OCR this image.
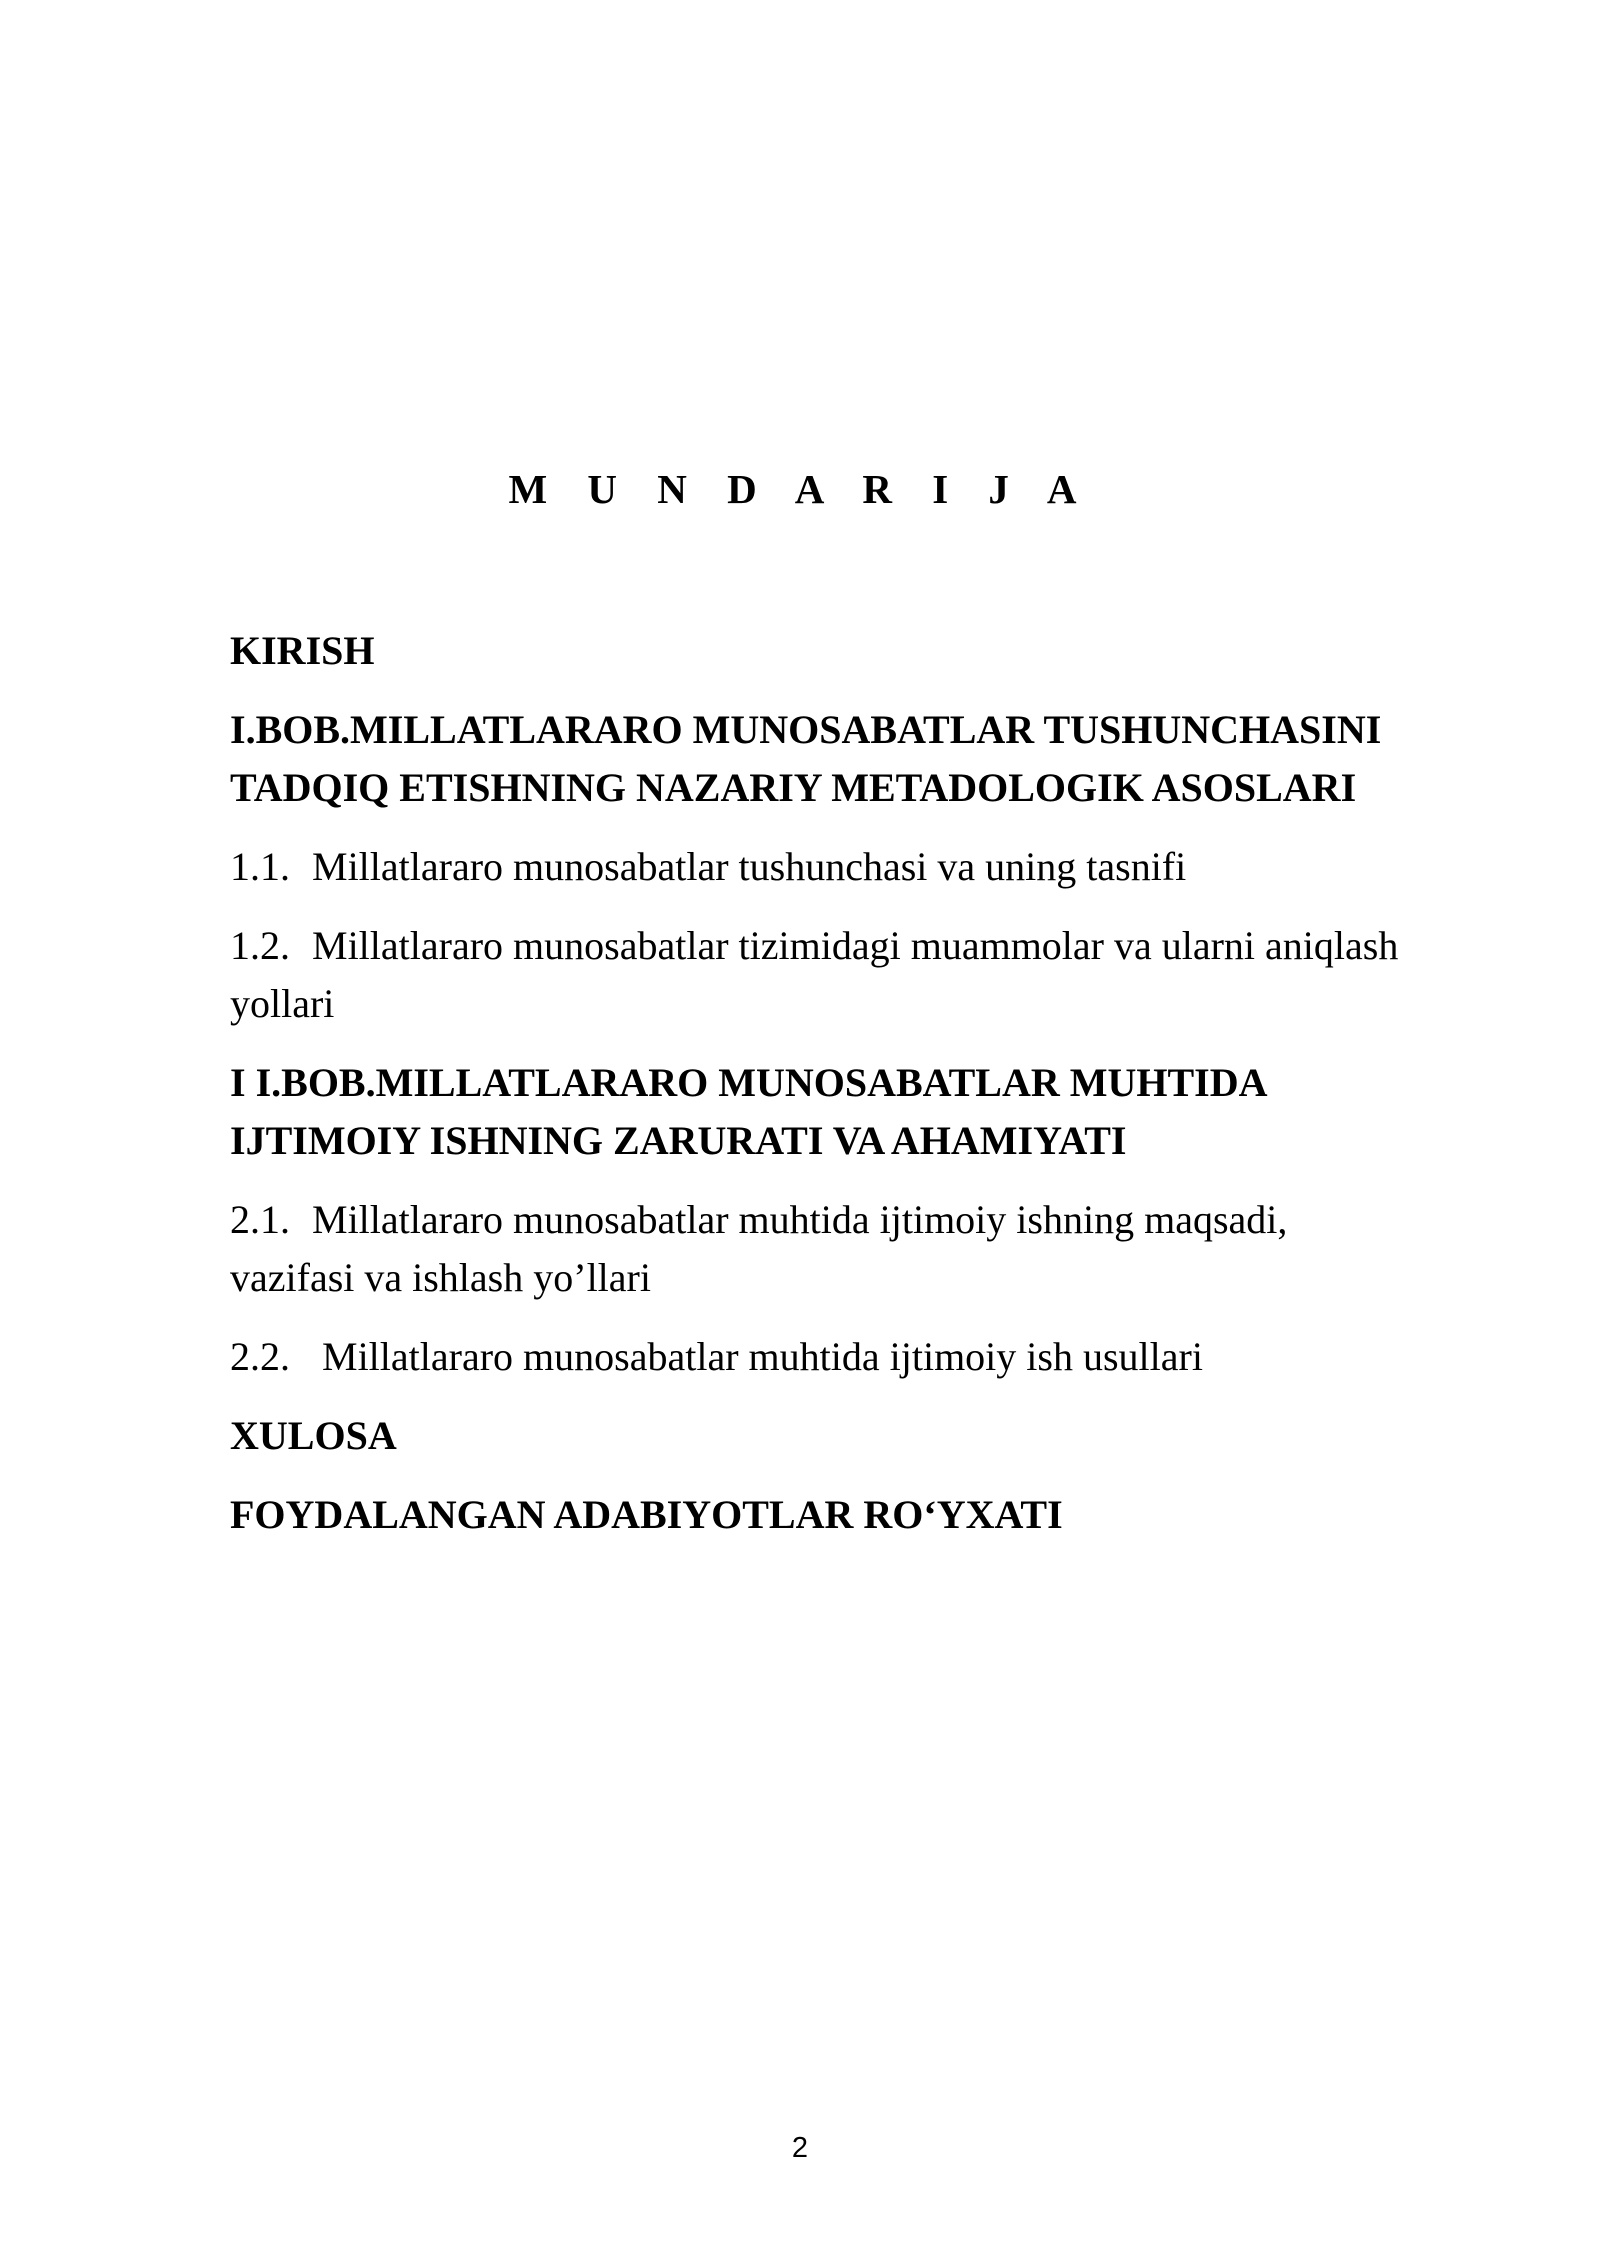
M U N D A R I J A
KIRISH
I.BOB.MILLATLARARO MUNOSABATLAR TUSHUNCHASINI
TADQIQ ETISHNING NAZARIY METADOLOGIK ASOSLARI
1.1. Millatlararo munosabatlar tushunchasi va uning tasnifi
1.2. Millatlararo munosabatlar tizimidagi muammolar va ularni aniqlash
yollari
I I.BOB.MILLATLARARO MUNOSABATLAR MUHTIDA
IJTIMOIY ISHNING ZARURATI VA AHAMIYATI
2.1. Millatlararo munosabatlar muhtida ijtimoiy ishning maqsadi,
vazifasi va ishlash yo’llari
2.2. Millatlararo munosabatlar muhtida ijtimoiy ish usullari
XULOSA
FOYDALANGAN ADABIYOTLAR RO‘YXATI
2
